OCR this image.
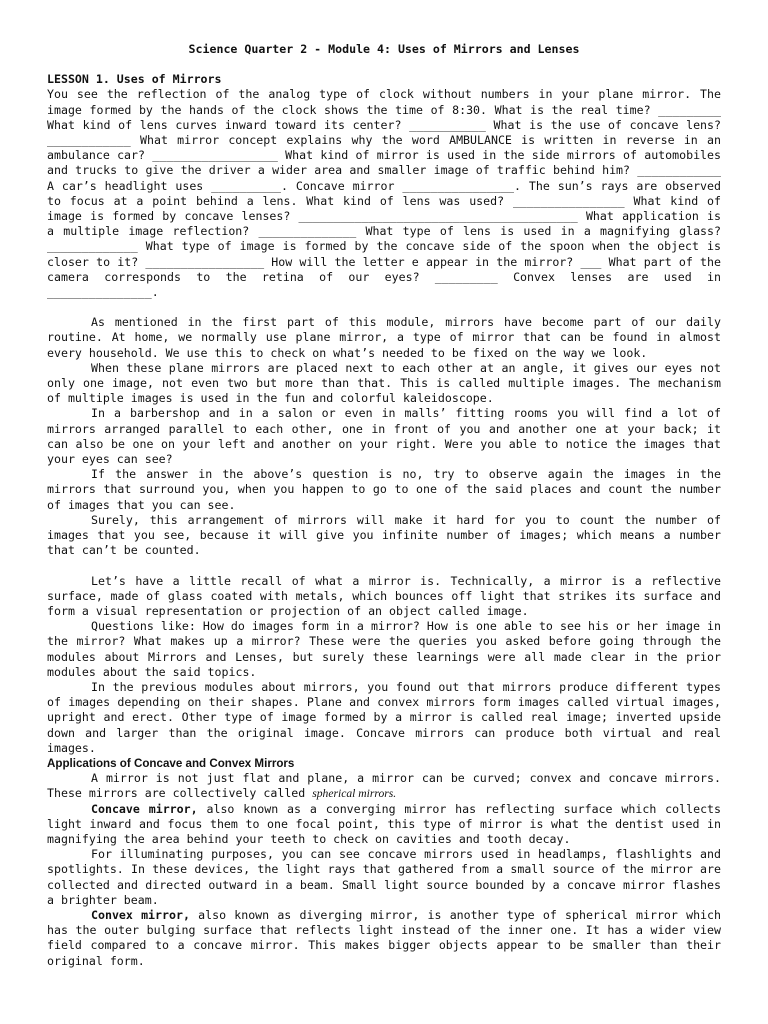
Science Quarter 2 - Module 4: Uses of Mirrors and Lenses
LESSON 1. Uses of Mirrors

You see the reflection of the analog type of clock without numbers in your plane mirror. The image formed by the hands of the clock shows the time of 8:30. What is the real time? _________ What kind of lens curves inward toward its center? ___________ What is the use of concave lens? ____________ What mirror concept explains why the word AMBULANCE is written in reverse in an ambulance car? __________________ What kind of mirror is used in the side mirrors of automobiles and trucks to give the driver a wider area and smaller image of traffic behind him? ____________ A car’s headlight uses __________. Concave mirror ________________. The sun’s rays are observed to focus at a point behind a lens. What kind of lens was used? ________________ What kind of image is formed by concave lenses? ________________________________________ What application is a multiple image reflection? ______________ What type of lens is used in a magnifying glass? _____________ What type of image is formed by the concave side of the spoon when the object is closer to it? _________________ How will the letter e appear in the mirror? ___ What part of the camera corresponds to the retina of our eyes? _________ Convex lenses are used in _______________.

As mentioned in the first part of this module, mirrors have become part of our daily routine. At home, we normally use plane mirror, a type of mirror that can be found in almost every household. We use this to check on what’s needed to be fixed on the way we look.

When these plane mirrors are placed next to each other at an angle, it gives our eyes not only one image, not even two but more than that. This is called multiple images. The mechanism of multiple images is used in the fun and colorful kaleidoscope.

In a barbershop and in a salon or even in malls’ fitting rooms you will find a lot of mirrors arranged parallel to each other, one in front of you and another one at your back; it can also be one on your left and another on your right. Were you able to notice the images that your eyes can see?

If the answer in the above’s question is no, try to observe again the images in the mirrors that surround you, when you happen to go to one of the said places and count the number of images that you can see.

Surely, this arrangement of mirrors will make it hard for you to count the number of images that you see, because it will give you infinite number of images; which means a number that can’t be counted.

Let’s have a little recall of what a mirror is. Technically, a mirror is a reflective surface, made of glass coated with metals, which bounces off light that strikes its surface and form a visual representation or projection of an object called image.

Questions like: How do images form in a mirror? How is one able to see his or her image in the mirror? What makes up a mirror? These were the queries you asked before going through the modules about Mirrors and Lenses, but surely these learnings were all made clear in the prior modules about the said topics.

In the previous modules about mirrors, you found out that mirrors produce different types of images depending on their shapes. Plane and convex mirrors form images called virtual images, upright and erect. Other type of image formed by a mirror is called real image; inverted upside down and larger than the original image. Concave mirrors can produce both virtual and real images.

Applications of Concave and Convex Mirrors

A mirror is not just flat and plane, a mirror can be curved; convex and concave mirrors. These mirrors are collectively called spherical mirrors.

Concave mirror, also known as a converging mirror has reflecting surface which collects light inward and focus them to one focal point, this type of mirror is what the dentist used in magnifying the area behind your teeth to check on cavities and tooth decay.

For illuminating purposes, you can see concave mirrors used in headlamps, flashlights and spotlights. In these devices, the light rays that gathered from a small source of the mirror are collected and directed outward in a beam. Small light source bounded by a concave mirror flashes a brighter beam.

Convex mirror, also known as diverging mirror, is another type of spherical mirror which has the outer bulging surface that reflects light instead of the inner one. It has a wider view field compared to a concave mirror. This makes bigger objects appear to be smaller than their original form.
